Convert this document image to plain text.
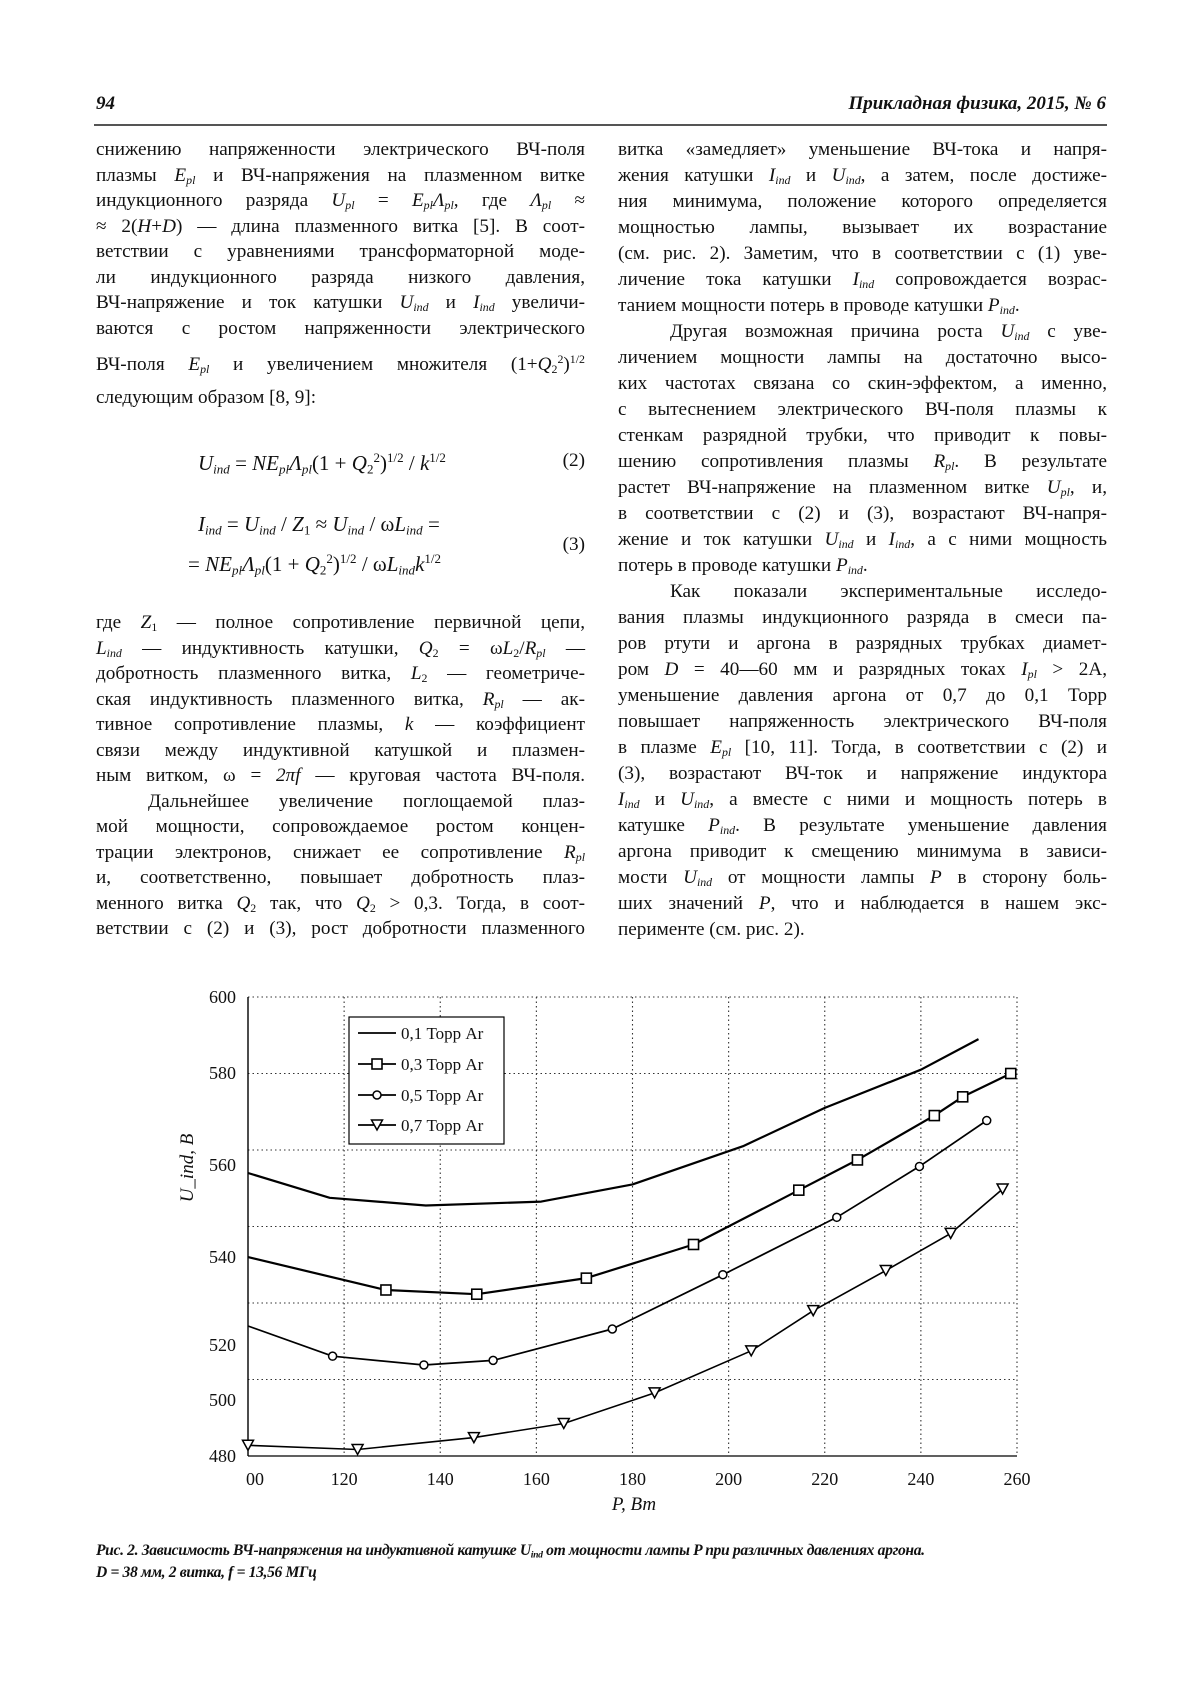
94	Прикладная физика, 2015, № 6
снижению напряженности электрического ВЧ-поля
плазмы $E_{pl}$ и ВЧ-напряжения на плазменном витке
индукционного разряда $U_{pl} = E_{pl}\Lambda_{pl}$, где $\Lambda_{pl}$ ≈
≈ 2(H+D) — длина плазменного витка [5]. В соот-
ветствии с уравнениями трансформаторной моде-
ли индукционного разряда низкого давления,
ВЧ-напряжение и ток катушки $U_{ind}$ и $I_{ind}$ увеличи-
ваются с ростом напряженности электрического
ВЧ-поля $E_{pl}$ и увеличением множителя $(1+Q_2^2)^{1/2}$
следующим образом [8, 9]:
$U_{ind} = NE_{pl}\Lambda_{pl}(1 + Q_2^2)^{1/2} / k^{1/2}$	(2)
$I_{ind} = U_{ind} / Z_1 \approx U_{ind} / \omega L_{ind}$ =
= $NE_{pl}\Lambda_{pl}(1 + Q_2^2)^{1/2} / \omega L_{ind}k^{1/2}$
(3)
где $Z_1$ — полное сопротивление первичной цепи,
$L_{ind}$ — индуктивность катушки, $Q_2 = \omega L_2/R_{pl}$ —
добротность плазменного витка, $L_2$ — геометриче-
ская индуктивность плазменного витка, $R_{pl}$ — ак-
тивное сопротивление плазмы, k — коэффициент
связи между индуктивной катушкой и плазмен-
ным витком, ω = 2πf — круговая частота ВЧ-поля.
Дальнейшее увеличение поглощаемой плаз-
мой мощности, сопровождаемое ростом концен-
трации электронов, снижает ее сопротивление $R_{pl}$
и, соответственно, повышает добротность плаз-
менного витка $Q_2$ так, что $Q_2 > 0,3$. Тогда, в соот-
ветствии с (2) и (3), рост добротности плазменного
витка «замедляет» уменьшение ВЧ-тока и напря-
жения катушки $I_{ind}$ и $U_{ind}$, а затем, после достиже-
ния минимума, положение которого определяется
мощностью лампы, вызывает их возрастание
(см. рис. 2). Заметим, что в соответствии с (1) уве-
личение тока катушки $I_{ind}$ сопровождается возрас-
танием мощности потерь в проводе катушки $P_{ind}$.
Другая возможная причина роста $U_{ind}$ с уве-
личением мощности лампы на достаточно высо-
ких частотах связана со скин-эффектом, а именно,
с вытеснением электрического ВЧ-поля плазмы к
стенкам разрядной трубки, что приводит к повы-
шению сопротивления плазмы $R_{pl}$. В результате
растет ВЧ-напряжение на плазменном витке $U_{pl}$, и,
в соответствии с (2) и (3), возрастают ВЧ-напря-
жение и ток катушки $U_{ind}$ и $I_{ind}$, а с ними мощность
потерь в проводе катушки $P_{ind}$.
Как показали экспериментальные исследо-
вания плазмы индукционного разряда в смеси па-
ров ртути и аргона в разрядных трубках диамет-
ром D = 40—60 мм и разрядных токах $I_{pl} > 2А$,
уменьшение давления аргона от 0,7 до 0,1 Торр
повышает напряженность электрического ВЧ-поля
в плазме $E_{pl}$ [10, 11]. Тогда, в соответствии с (2) и
(3), возрастают ВЧ-ток и напряжение индуктора
$I_{ind}$ и $U_{ind}$, а вместе с ними и мощность потерь в
катушке $P_{ind}$. В результате уменьшение давления
аргона приводит к смещению минимума в зависи-
мости $U_{ind}$ от мощности лампы P в сторону боль-
ших значений P, что и наблюдается в нашем экс-
перименте (см. рис. 2).
P, Вт
U_ind, В
600
580
560
540
520
500
480
00	120	140	160	180	200	220	240	260
0,1 Торр Ar
0,3 Торр Ar
0,5 Торр Ar
0,7 Торр Ar
Рис. 2. Зависимость ВЧ-напряжения на индуктивной катушке $U_{ind}$ от мощности лампы P при различных давлениях аргона.
D = 38 мм, 2 витка, f = 13,56 МГц
